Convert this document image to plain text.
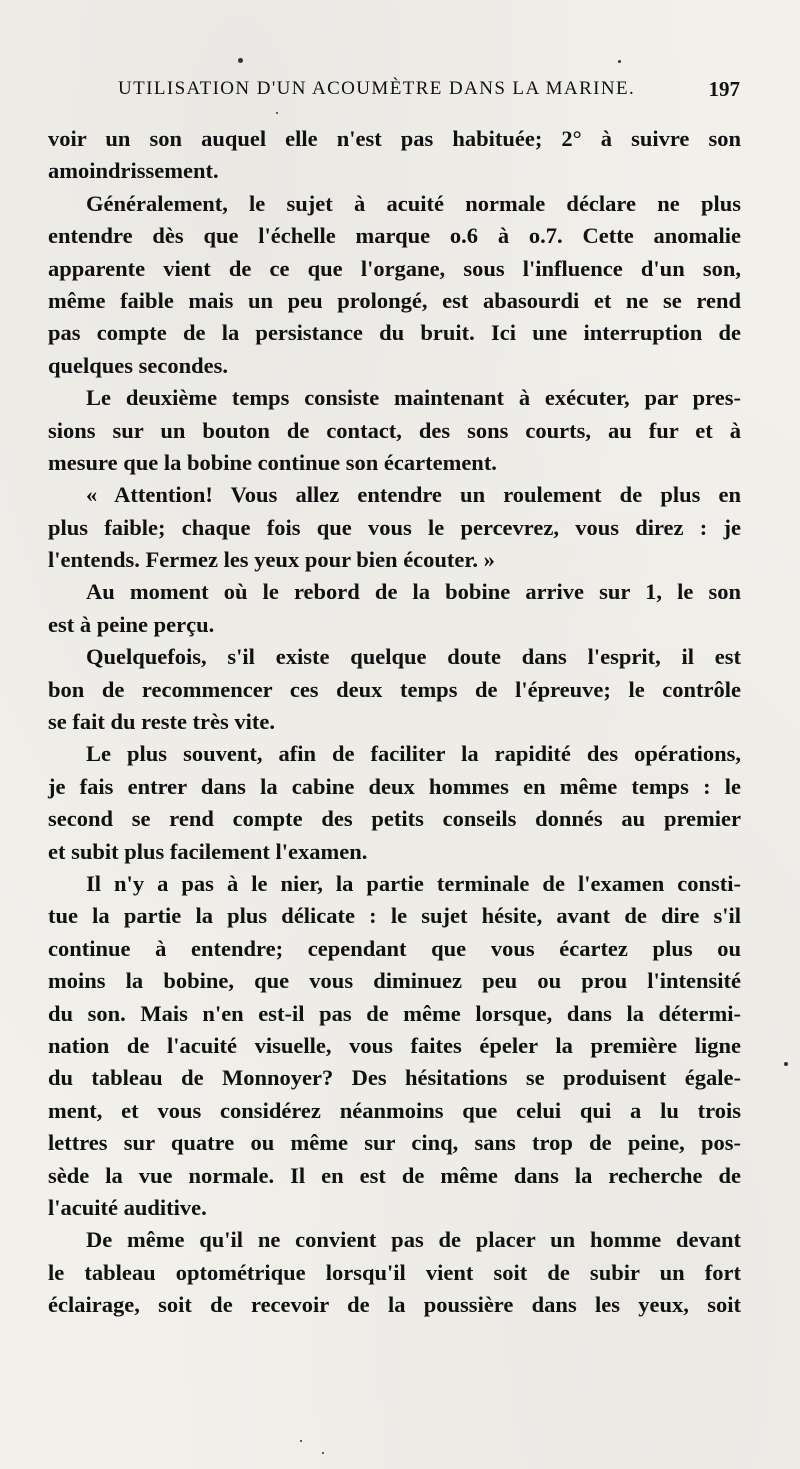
UTILISATION D'UN ACOUMÈTRE DANS LA MARINE.	197
voir un son auquel elle n'est pas habituée; 2° à suivre son
amoindrissement.
Généralement, le sujet à acuité normale déclare ne plus
entendre dès que l'échelle marque o.6 à o.7. Cette anomalie
apparente vient de ce que l'organe, sous l'influence d'un son,
même faible mais un peu prolongé, est abasourdi et ne se rend
pas compte de la persistance du bruit. Ici une interruption de
quelques secondes.
Le deuxième temps consiste maintenant à exécuter, par pres-
sions sur un bouton de contact, des sons courts, au fur et à
mesure que la bobine continue son écartement.
« Attention! Vous allez entendre un roulement de plus en
plus faible; chaque fois que vous le percevrez, vous direz : je
l'entends. Fermez les yeux pour bien écouter. »
Au moment où le rebord de la bobine arrive sur 1, le son
est à peine perçu.
Quelquefois, s'il existe quelque doute dans l'esprit, il est
bon de recommencer ces deux temps de l'épreuve; le contrôle
se fait du reste très vite.
Le plus souvent, afin de faciliter la rapidité des opérations,
je fais entrer dans la cabine deux hommes en même temps : le
second se rend compte des petits conseils donnés au premier
et subit plus facilement l'examen.
Il n'y a pas à le nier, la partie terminale de l'examen consti-
tue la partie la plus délicate : le sujet hésite, avant de dire s'il
continue à entendre; cependant que vous écartez plus ou
moins la bobine, que vous diminuez peu ou prou l'intensité
du son. Mais n'en est-il pas de même lorsque, dans la détermi-
nation de l'acuité visuelle, vous faites épeler la première ligne
du tableau de Monnoyer? Des hésitations se produisent égale-
ment, et vous considérez néanmoins que celui qui a lu trois
lettres sur quatre ou même sur cinq, sans trop de peine, pos-
sède la vue normale. Il en est de même dans la recherche de
l'acuité auditive.
De même qu'il ne convient pas de placer un homme devant
le tableau optométrique lorsqu'il vient soit de subir un fort
éclairage, soit de recevoir de la poussière dans les yeux, soit
